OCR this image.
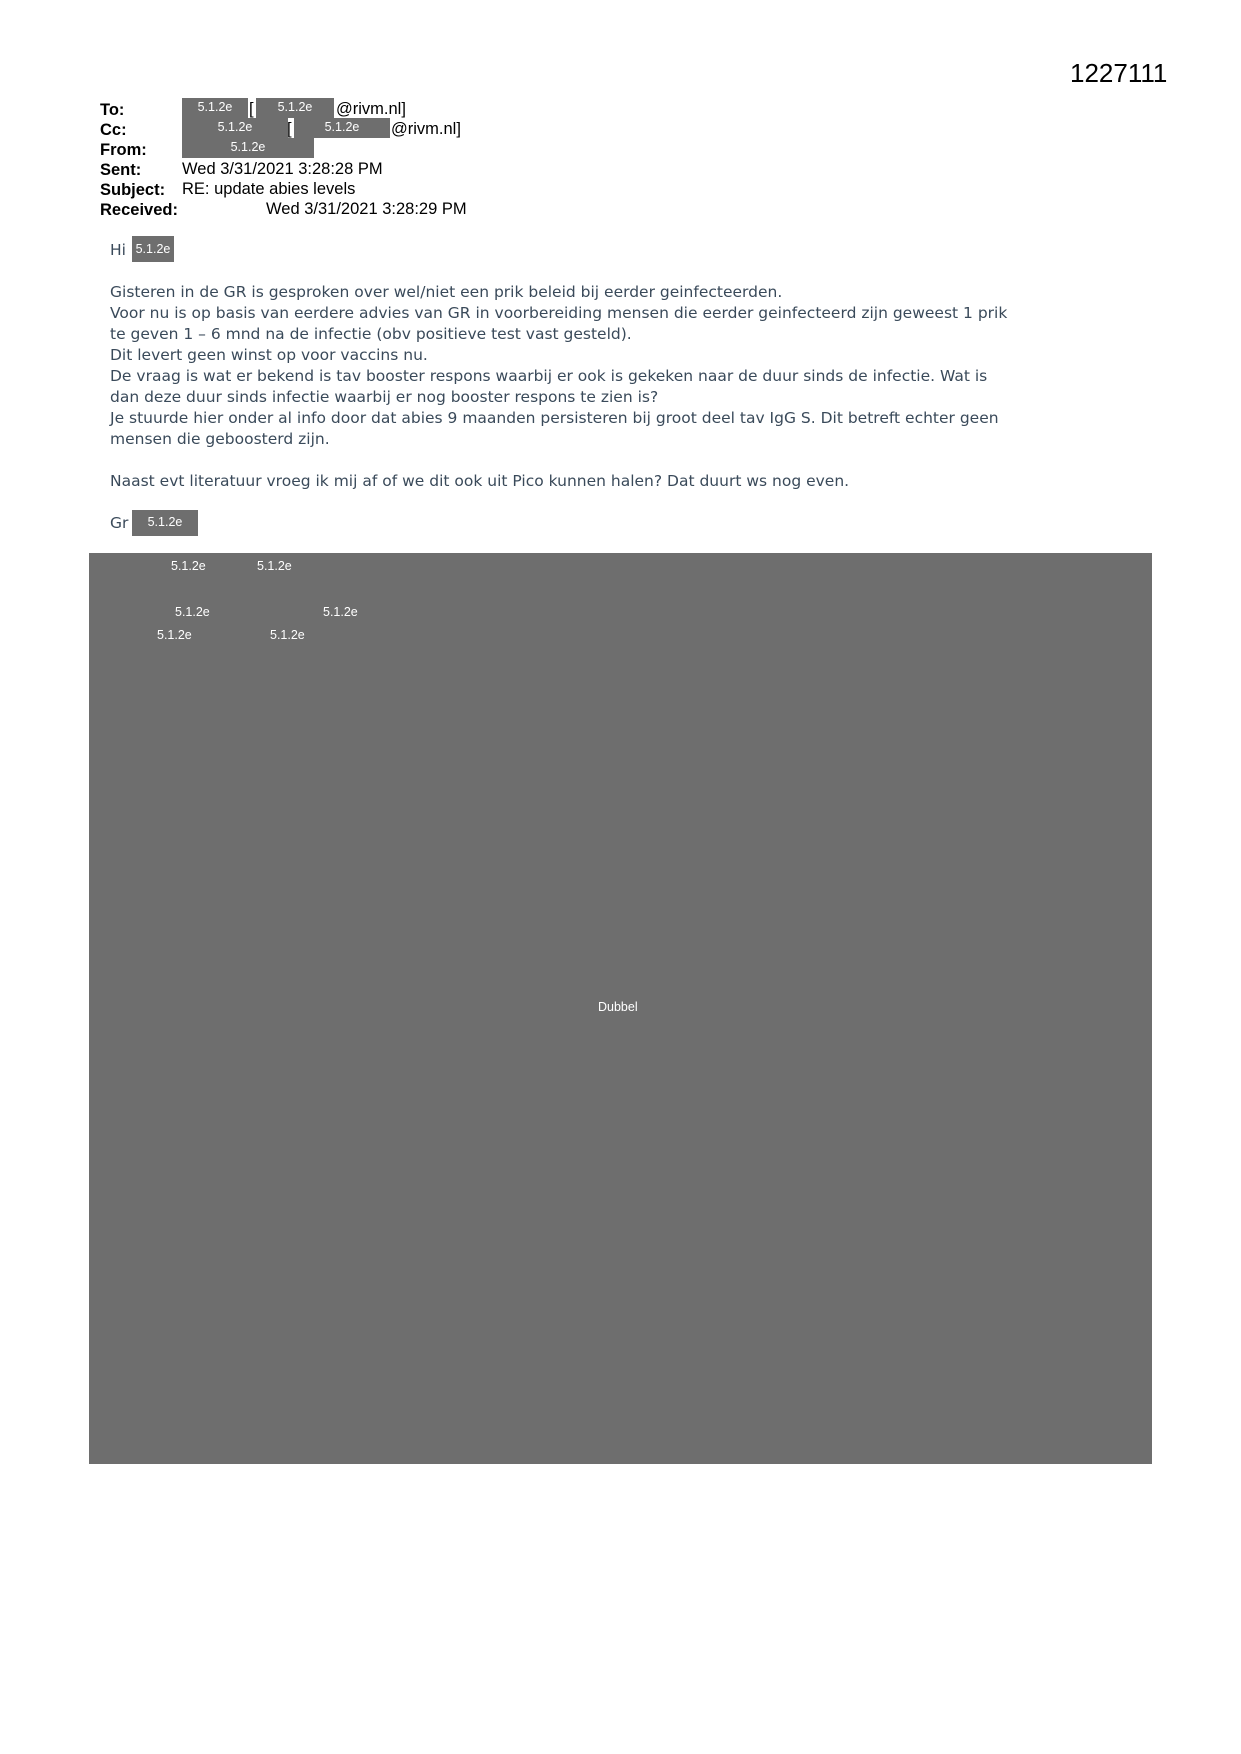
1227111
To:	5.1.2e	[	5.1.2e	@rivm.nl]
Cc:	5.1.2e	[	5.1.2e	@rivm.nl]
From:	5.1.2e
Sent: Wed 3/31/2021 3:28:28 PM
Subject: RE: update abies levels
Received:	Wed 3/31/2021 3:28:29 PM
Hi 5.1.2e

Gisteren in de GR is gesproken over wel/niet een prik beleid bij eerder geinfecteerden.

Voor nu is op basis van eerdere advies van GR in voorbereiding mensen die eerder geinfecteerd zijn geweest 1 prik

te geven 1 – 6 mnd na de infectie (obv positieve test vast gesteld).

Dit levert geen winst op voor vaccins nu.

De vraag is wat er bekend is tav booster respons waarbij er ook is gekeken naar de duur sinds de infectie. Wat is

dan deze duur sinds infectie waarbij er nog booster respons te zien is?

Je stuurde hier onder al info door dat abies 9 maanden persisteren bij groot deel tav IgG S. Dit betreft echter geen

mensen die geboosterd zijn.

Naast evt literatuur vroeg ik mij af of we dit ook uit Pico kunnen halen? Dat duurt ws nog even.

Gr	5.1.2e
5.1.2e	5.1.2e
5.1.2e	5.1.2e
5.1.2e	5.1.2e
Dubbel
